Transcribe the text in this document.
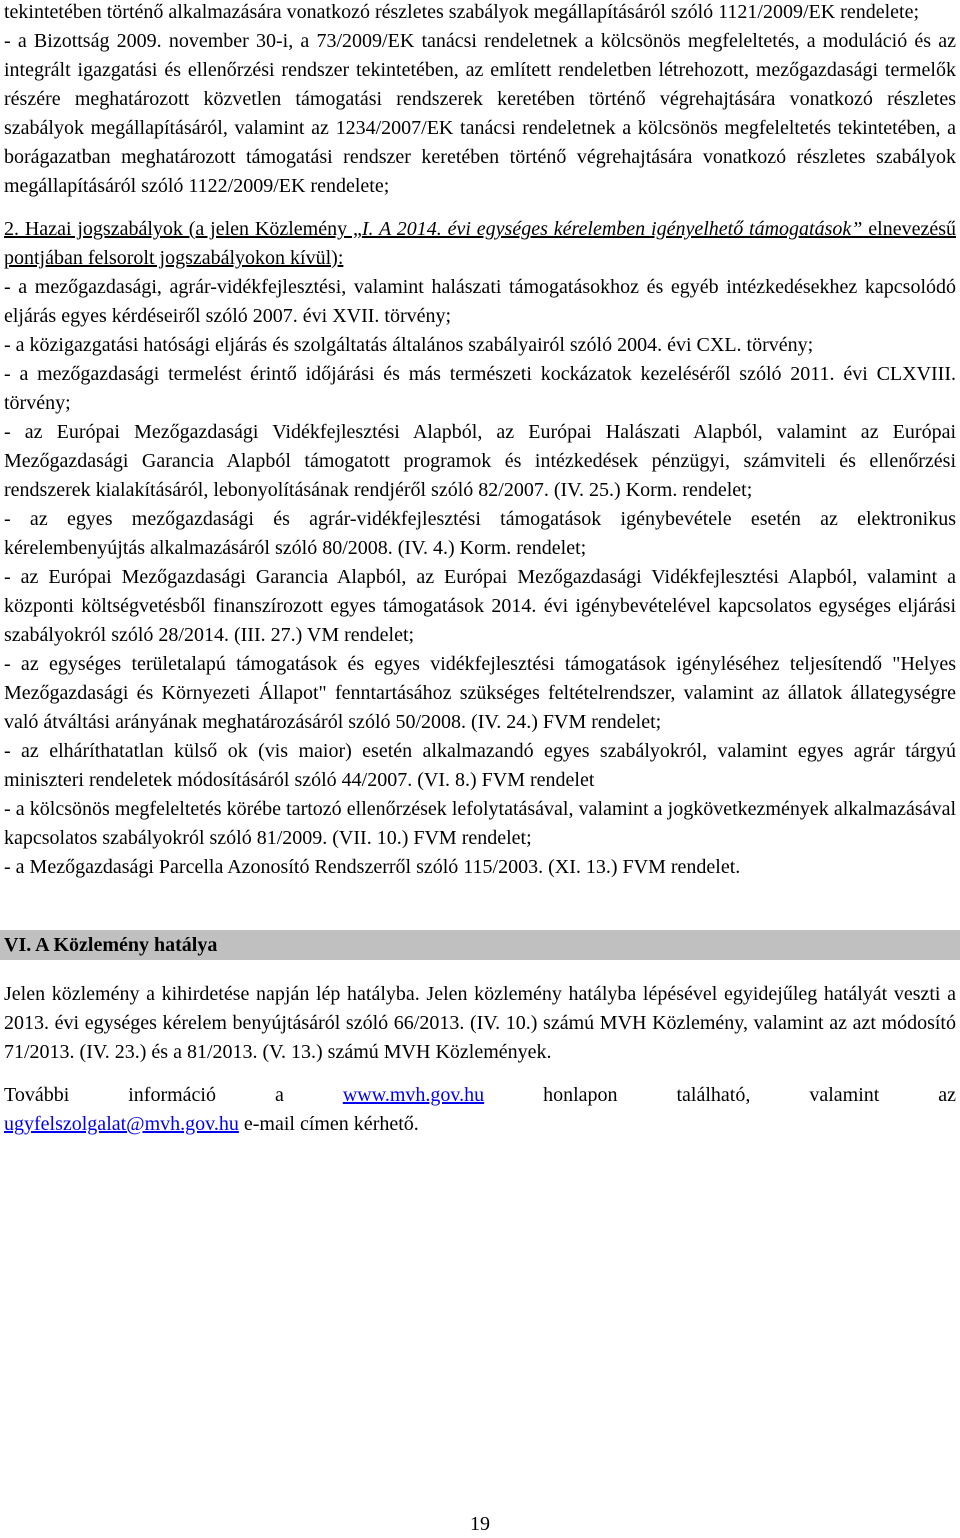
tekintetében történő alkalmazására vonatkozó részletes szabályok megállapításáról szóló 1121/2009/EK rendelete;

- a Bizottság 2009. november 30-i, a 73/2009/EK tanácsi rendeletnek a kölcsönös megfeleltetés, a moduláció és az integrált igazgatási és ellenőrzési rendszer tekintetében, az említett rendeletben létrehozott, mezőgazdasági termelők részére meghatározott közvetlen támogatási rendszerek keretében történő végrehajtására vonatkozó részletes szabályok megállapításáról, valamint az 1234/2007/EK tanácsi rendeletnek a kölcsönös megfeleltetés tekintetében, a borágazatban meghatározott támogatási rendszer keretében történő végrehajtására vonatkozó részletes szabályok megállapításáról szóló 1122/2009/EK rendelete;

2. Hazai jogszabályok (a jelen Közlemény „I. A 2014. évi egységes kérelemben igényelhető támogatások” elnevezésű pontjában felsorolt jogszabályokon kívül):

- a mezőgazdasági, agrár-vidékfejlesztési, valamint halászati támogatásokhoz és egyéb intézkedésekhez kapcsolódó eljárás egyes kérdéseiről szóló 2007. évi XVII. törvény;

- a közigazgatási hatósági eljárás és szolgáltatás általános szabályairól szóló 2004. évi CXL. törvény;

- a mezőgazdasági termelést érintő időjárási és más természeti kockázatok kezeléséről szóló 2011. évi CLXVIII. törvény;

- az Európai Mezőgazdasági Vidékfejlesztési Alapból, az Európai Halászati Alapból, valamint az Európai Mezőgazdasági Garancia Alapból támogatott programok és intézkedések pénzügyi, számviteli és ellenőrzési rendszerek kialakításáról, lebonyolításának rendjéről szóló 82/2007. (IV. 25.) Korm. rendelet;

- az egyes mezőgazdasági és agrár-vidékfejlesztési támogatások igénybevétele esetén az elektronikus kérelembenyújtás alkalmazásáról szóló 80/2008. (IV. 4.) Korm. rendelet;

- az Európai Mezőgazdasági Garancia Alapból, az Európai Mezőgazdasági Vidékfejlesztési Alapból, valamint a központi költségvetésből finanszírozott egyes támogatások 2014. évi igénybevételével kapcsolatos egységes eljárási szabályokról szóló 28/2014. (III. 27.) VM rendelet;

- az egységes területalapú támogatások és egyes vidékfejlesztési támogatások igényléséhez teljesítendő "Helyes Mezőgazdasági és Környezeti Állapot" fenntartásához szükséges feltételrendszer, valamint az állatok állategységre való átváltási arányának meghatározásáról szóló 50/2008. (IV. 24.) FVM rendelet;

- az elháríthatatlan külső ok (vis maior) esetén alkalmazandó egyes szabályokról, valamint egyes agrár tárgyú miniszteri rendeletek módosításáról szóló 44/2007. (VI. 8.) FVM rendelet

- a kölcsönös megfeleltetés körébe tartozó ellenőrzések lefolytatásával, valamint a jogkövetkezmények alkalmazásával kapcsolatos szabályokról szóló 81/2009. (VII. 10.) FVM rendelet;

- a Mezőgazdasági Parcella Azonosító Rendszerről szóló 115/2003. (XI. 13.) FVM rendelet.

VI. A Közlemény hatálya

Jelen közlemény a kihirdetése napján lép hatályba. Jelen közlemény hatályba lépésével egyidejűleg hatályát veszti a 2013. évi egységes kérelem benyújtásáról szóló 66/2013. (IV. 10.) számú MVH Közlemény, valamint az azt módosító 71/2013. (IV. 23.) és a 81/2013. (V. 13.) számú MVH Közlemények.

További információ a	www.mvh.gov.hu	honlapon található, valamint az

ugyfelszolgalat@mvh.gov.hu e-mail címen kérhető.

19
